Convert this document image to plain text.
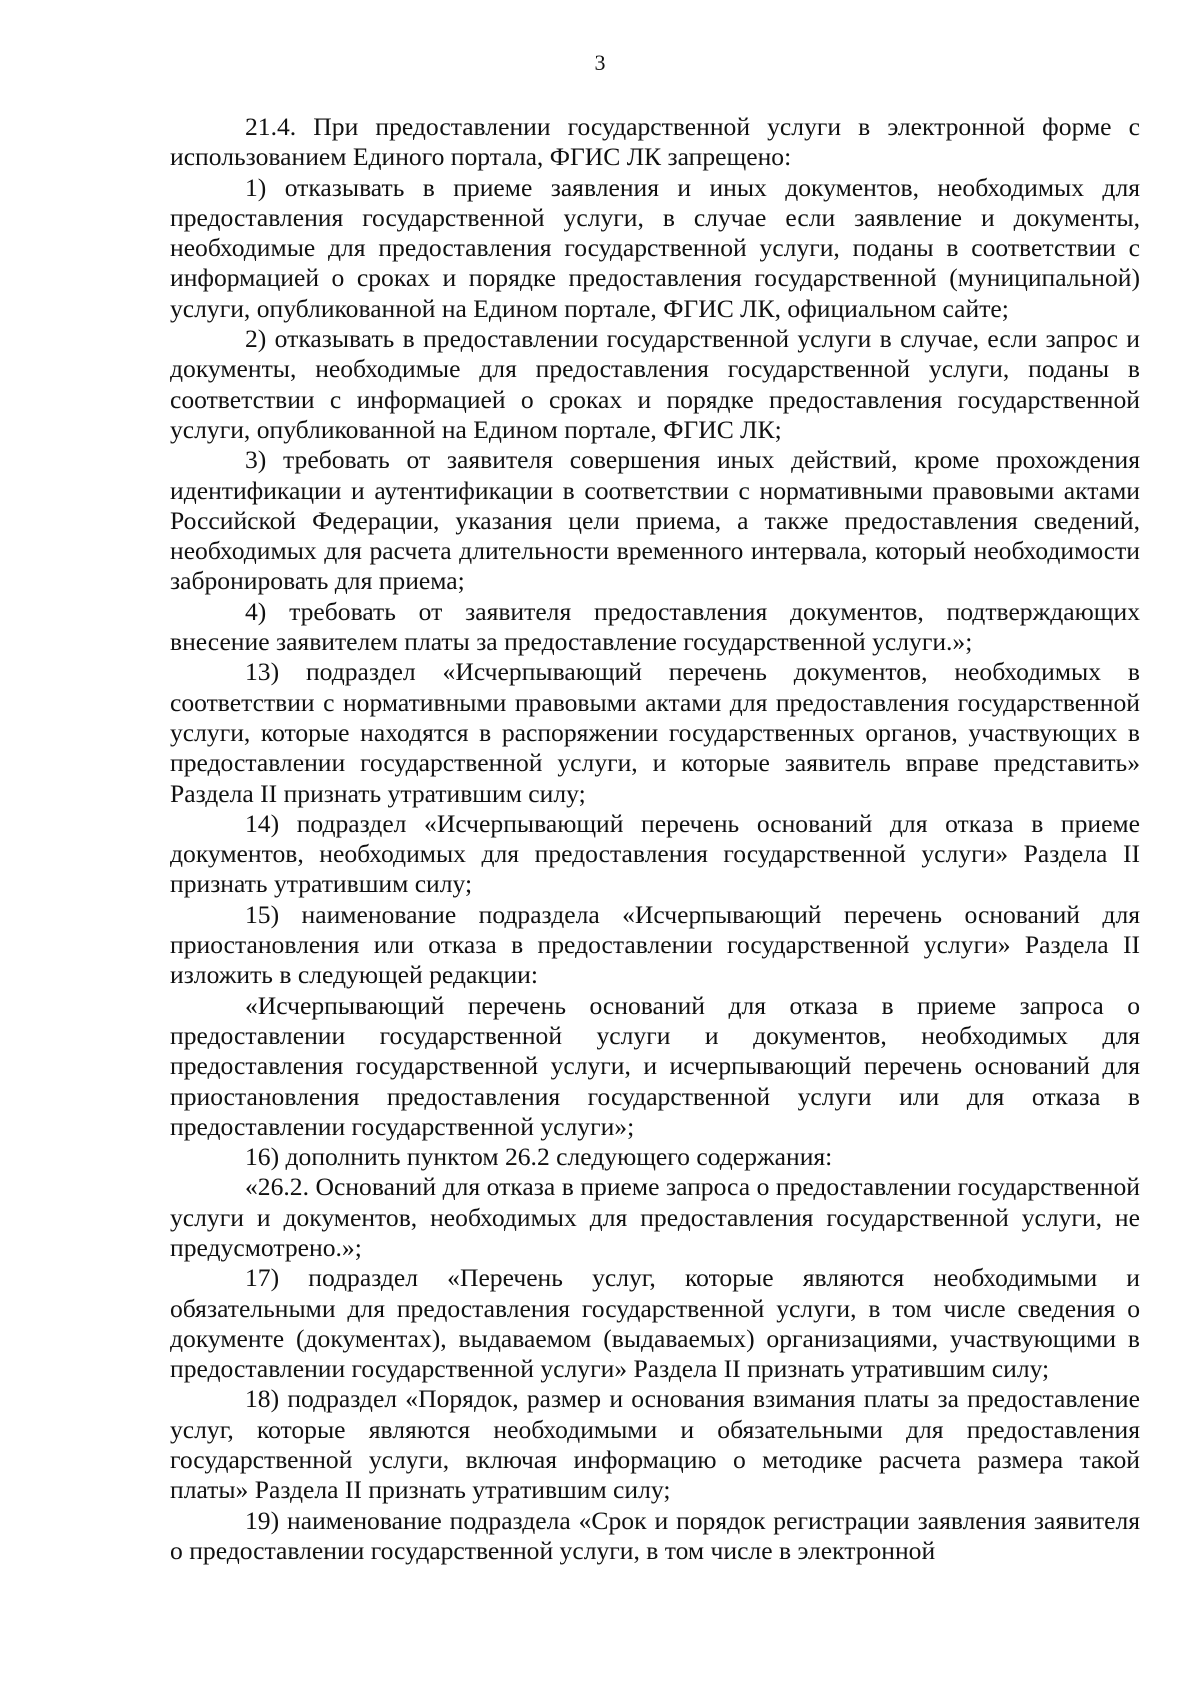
3

21.4. При предоставлении государственной услуги в электронной форме с использованием Единого портала, ФГИС ЛК запрещено:

1) отказывать в приеме заявления и иных документов, необходимых для предоставления государственной услуги, в случае если заявление и документы, необходимые для предоставления государственной услуги, поданы в соответствии с информацией о сроках и порядке предоставления государственной (муниципальной) услуги, опубликованной на Едином портале, ФГИС ЛК, официальном сайте;

2) отказывать в предоставлении государственной услуги в случае, если запрос и документы, необходимые для предоставления государственной услуги, поданы в соответствии с информацией о сроках и порядке предоставления государственной услуги, опубликованной на Едином портале, ФГИС ЛК;

3) требовать от заявителя совершения иных действий, кроме прохождения идентификации и аутентификации в соответствии с нормативными правовыми актами Российской Федерации, указания цели приема, а также предоставления сведений, необходимых для расчета длительности временного интервала, который необходимости забронировать для приема;

4) требовать от заявителя предоставления документов, подтверждающих внесение заявителем платы за предоставление государственной услуги.»;

13) подраздел «Исчерпывающий перечень документов, необходимых в соответствии с нормативными правовыми актами для предоставления государственной услуги, которые находятся в распоряжении государственных органов, участвующих в предоставлении государственной услуги, и которые заявитель вправе представить» Раздела II признать утратившим силу;

14) подраздел «Исчерпывающий перечень оснований для отказа в приеме документов, необходимых для предоставления государственной услуги» Раздела II признать утратившим силу;

15) наименование подраздела «Исчерпывающий перечень оснований для приостановления или отказа в предоставлении государственной услуги» Раздела II изложить в следующей редакции:

«Исчерпывающий перечень оснований для отказа в приеме запроса о предоставлении государственной услуги и документов, необходимых для предоставления государственной услуги, и исчерпывающий перечень оснований для приостановления предоставления государственной услуги или для отказа в предоставлении государственной услуги»;

16) дополнить пунктом 26.2 следующего содержания:

«26.2. Оснований для отказа в приеме запроса о предоставлении государственной услуги и документов, необходимых для предоставления государственной услуги, не предусмотрено.»;

17) подраздел «Перечень услуг, которые являются необходимыми и обязательными для предоставления государственной услуги, в том числе сведения о документе (документах), выдаваемом (выдаваемых) организациями, участвующими в предоставлении государственной услуги» Раздела II признать утратившим силу;

18) подраздел «Порядок, размер и основания взимания платы за предоставление услуг, которые являются необходимыми и обязательными для предоставления государственной услуги, включая информацию о методике расчета размера такой платы» Раздела II признать утратившим силу;

19) наименование подраздела «Срок и порядок регистрации заявления заявителя о предоставлении государственной услуги, в том числе в электронной
